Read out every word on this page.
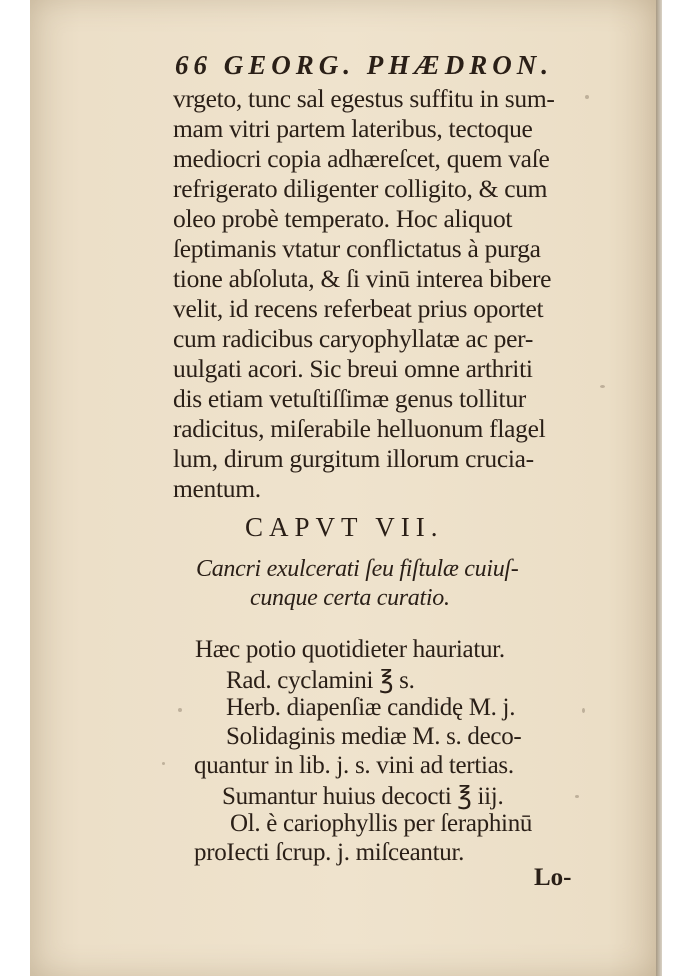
66 GEORG. PHÆDRON.

vrgeto, tunc sal egestus suffitu in sum-

mam vitri partem lateribus, tectoque

mediocri copia adhæreſcet, quem vaſe

refrigerato diligenter colligito, & cum

oleo probè temperato. Hoc aliquot

ſeptimanis vtatur conflictatus à purga

tione abſoluta, & ſi vinū interea bibere

velit, id recens referbeat prius oportet

cum radicibus caryophyllatæ ac per-

uulgati acori. Sic breui omne arthriti

dis etiam vetuſtiſſimæ genus tollitur

radicitus, miſerabile helluonum flagel

lum, dirum gurgitum illorum crucia-

mentum.

CAPVT VII.

Cancri exulcerati ſeu fiſtulæ cuiuſ-

cunque certa curatio.

Hæc potio quotidieter hauriatur.

Rad. cyclamini ℥ s.

Herb. diapenſiæ candidę M. j.

Solidaginis mediæ M. s. deco-

quantur in lib. j. s. vini ad tertias.

Sumantur huius decocti ℥ iij.

Ol. è cariophyllis per ſeraphinū

proIecti ſcrup. j. miſceantur.

Lo-
